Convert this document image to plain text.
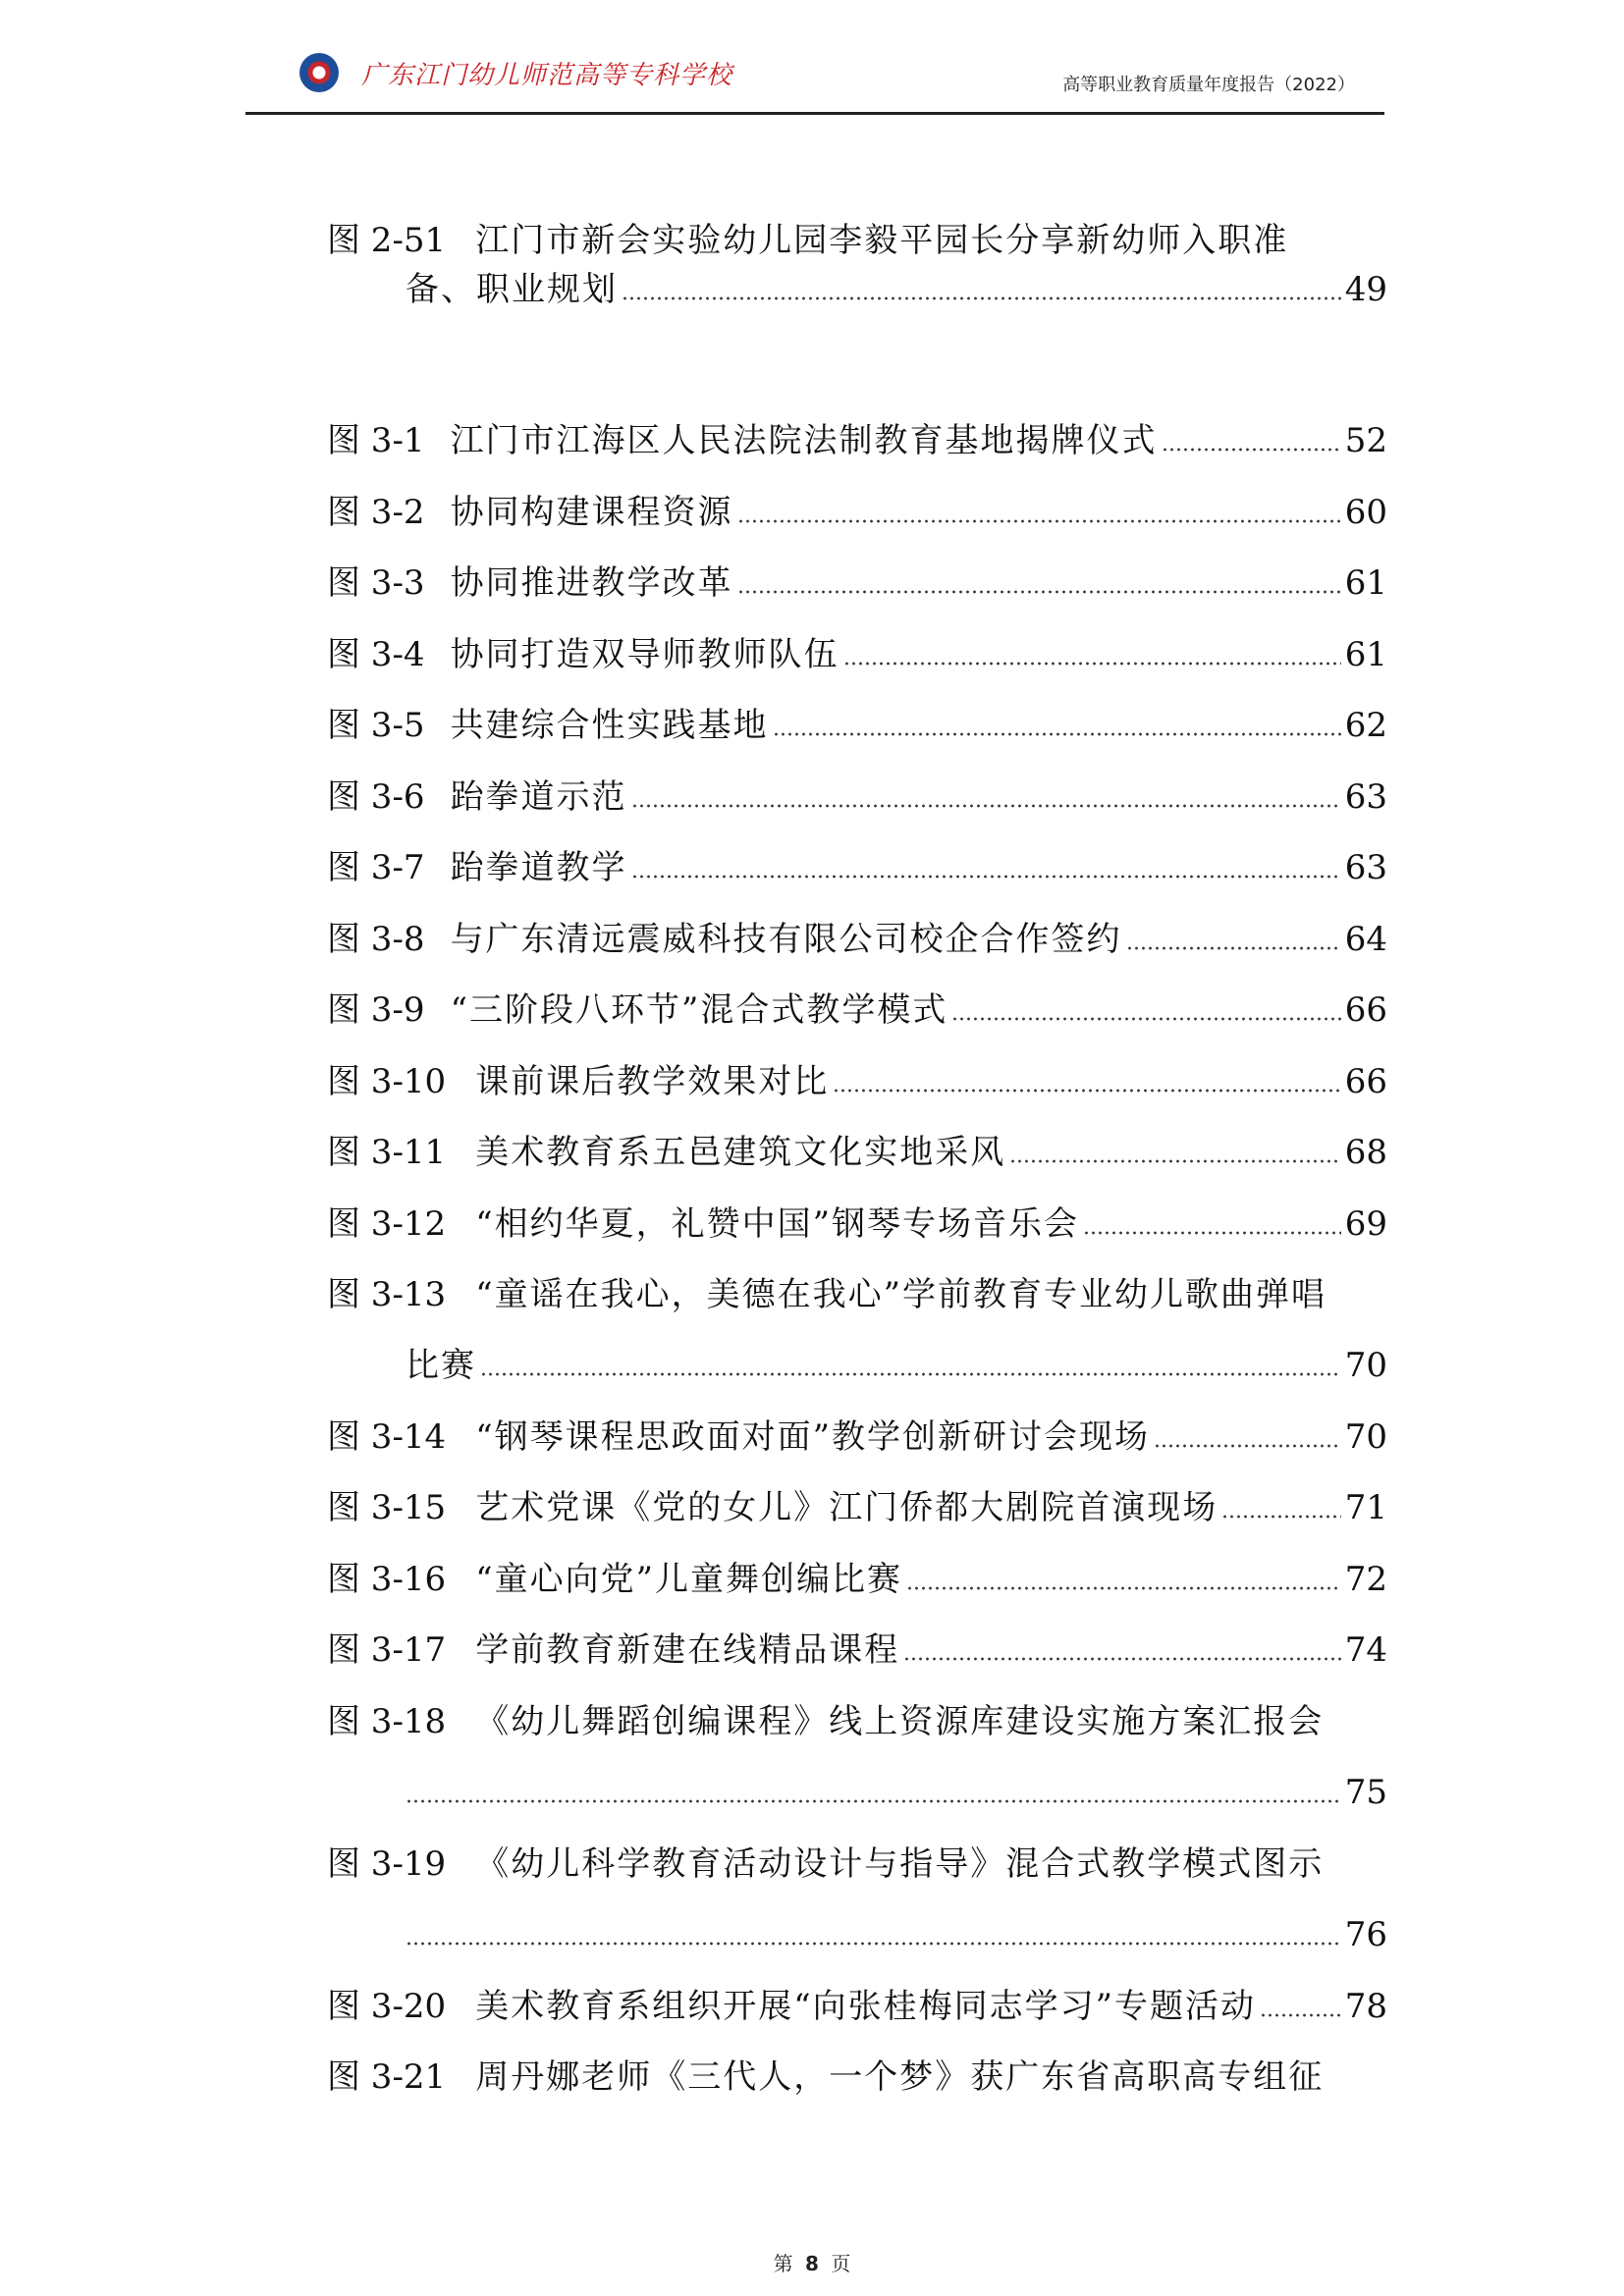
广东江门幼儿师范高等专科学校	高等职业教育质量年度报告（2022）
图 2-51 江门市新会实验幼儿园李毅平园长分享新幼师入职准
备、职业规划	49
图 3-1 江门市江海区人民法院法制教育基地揭牌仪式	52
图 3-2 协同构建课程资源	60
图 3-3 协同推进教学改革	61
图 3-4 协同打造双导师教师队伍	61
图 3-5 共建综合性实践基地	62
图 3-6 跆拳道示范	63
图 3-7 跆拳道教学	63
图 3-8 与广东清远震威科技有限公司校企合作签约	64
图 3-9 “三阶段八环节”混合式教学模式	66
图 3-10 课前课后教学效果对比	66
图 3-11 美术教育系五邑建筑文化实地采风	68
图 3-12 “相约华夏，礼赞中国”钢琴专场音乐会	69
图 3-13 “童谣在我心，美德在我心”学前教育专业幼儿歌曲弹唱
比赛	70
图 3-14 “钢琴课程思政面对面”教学创新研讨会现场	70
图 3-15 艺术党课《党的女儿》江门侨都大剧院首演现场	71
图 3-16 “童心向党”儿童舞创编比赛	72
图 3-17 学前教育新建在线精品课程	74
图 3-18 《幼儿舞蹈创编课程》线上资源库建设实施方案汇报会
75
图 3-19 《幼儿科学教育活动设计与指导》混合式教学模式图示
76
图 3-20 美术教育系组织开展“向张桂梅同志学习”专题活动	78
图 3-21 周丹娜老师《三代人，一个梦》获广东省高职高专组征
第 8 页
